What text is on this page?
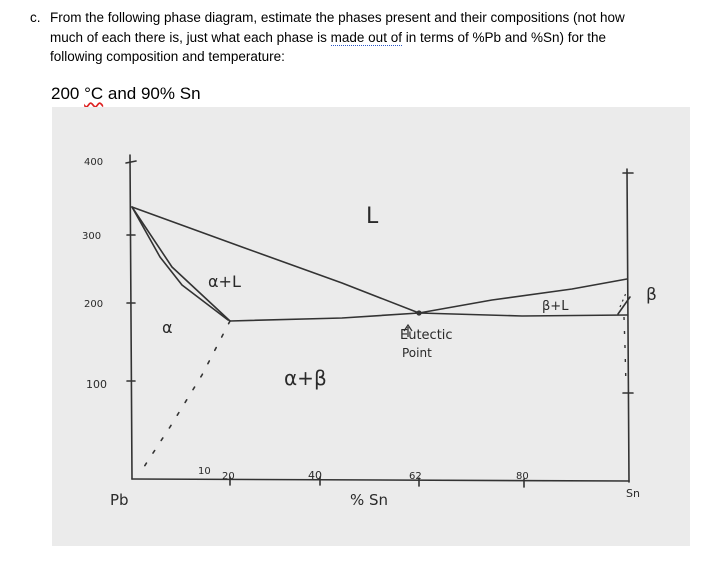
c. From the following phase diagram, estimate the phases present and their compositions (not how
much of each there is, just what each phase is made out of in terms of %Pb and %Sn) for the
following composition and temperature:
200 °C and 90% Sn
400
300
200
100
10 20	40	62	80
Pb	Sn
% Sn
L
α+L
α
α+β
β+L
β
Eutectic
Point
